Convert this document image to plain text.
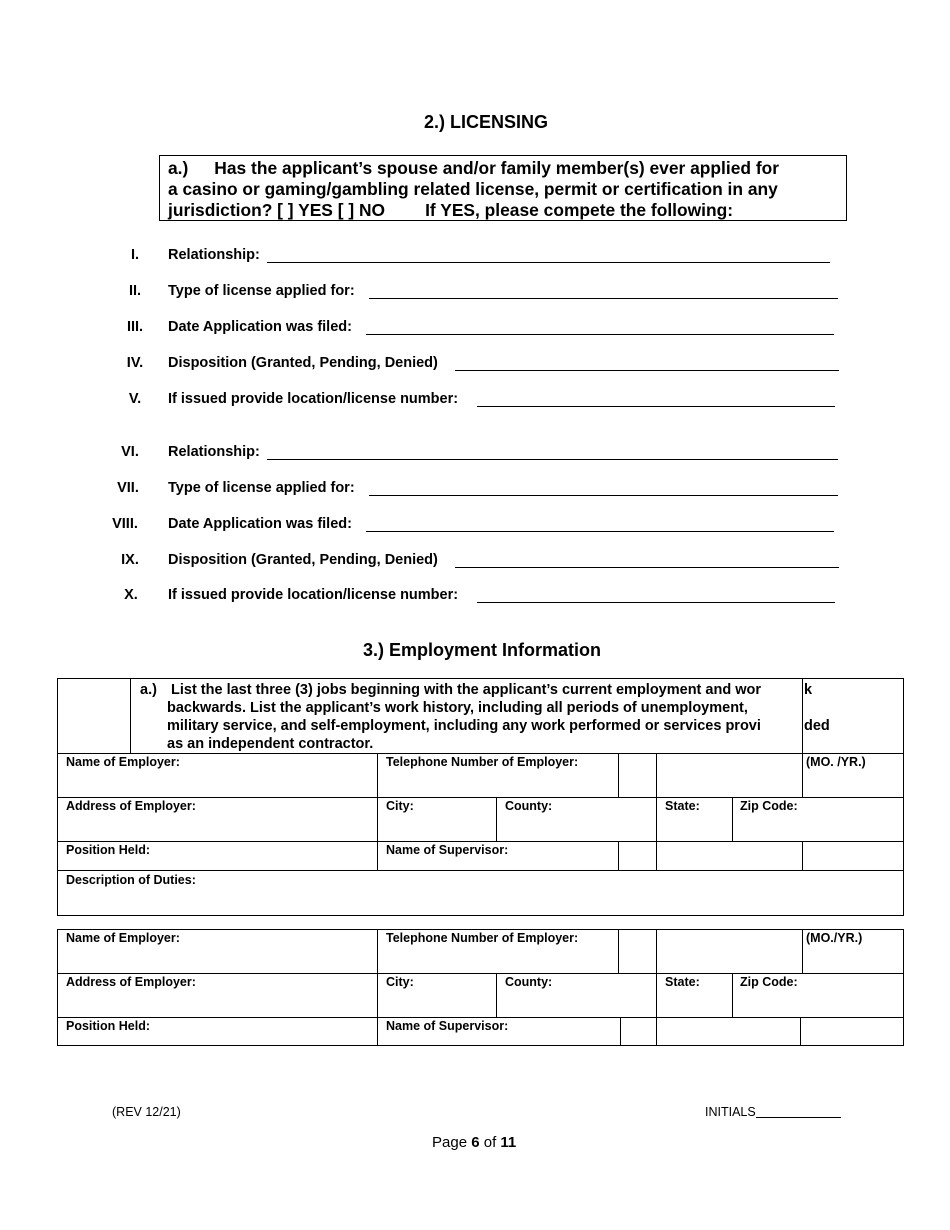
2.) LICENSING
a.) Has the applicant’s spouse and/or family member(s) ever applied for
a casino or gaming/gambling related license, permit or certification in any
jurisdiction? [ ] YES [ ] NO If YES, please compete the following:
I.	Relationship:
II.	Type of license applied for:
III.	Date Application was filed:
IV.	Disposition (Granted, Pending, Denied)
V.	If issued provide location/license number:
VI.	Relationship:
VII.	Type of license applied for:
VIII.	Date Application was filed:
IX.	Disposition (Granted, Pending, Denied)
X.	If issued provide location/license number:
3.) Employment Information
a.) List the last three (3) jobs beginning with the applicant’s current employment and wor	k
backwards. List the applicant’s work history, including all periods of unemployment,
military service, and self-employment, including any work performed or services provi	ded
as an independent contractor.
Name of Employer:	Telephone Number of Employer:	(MO. /YR.)
Address of Employer:	City:	County:	State:	Zip Code:
Position Held:	Name of Supervisor:
Description of Duties:
Name of Employer:	Telephone Number of Employer:	(MO./YR.)
Address of Employer:	City:	County:	State:	Zip Code:
Position Held:	Name of Supervisor:
(REV 12/21)	INITIALS
Page 6 of 11
